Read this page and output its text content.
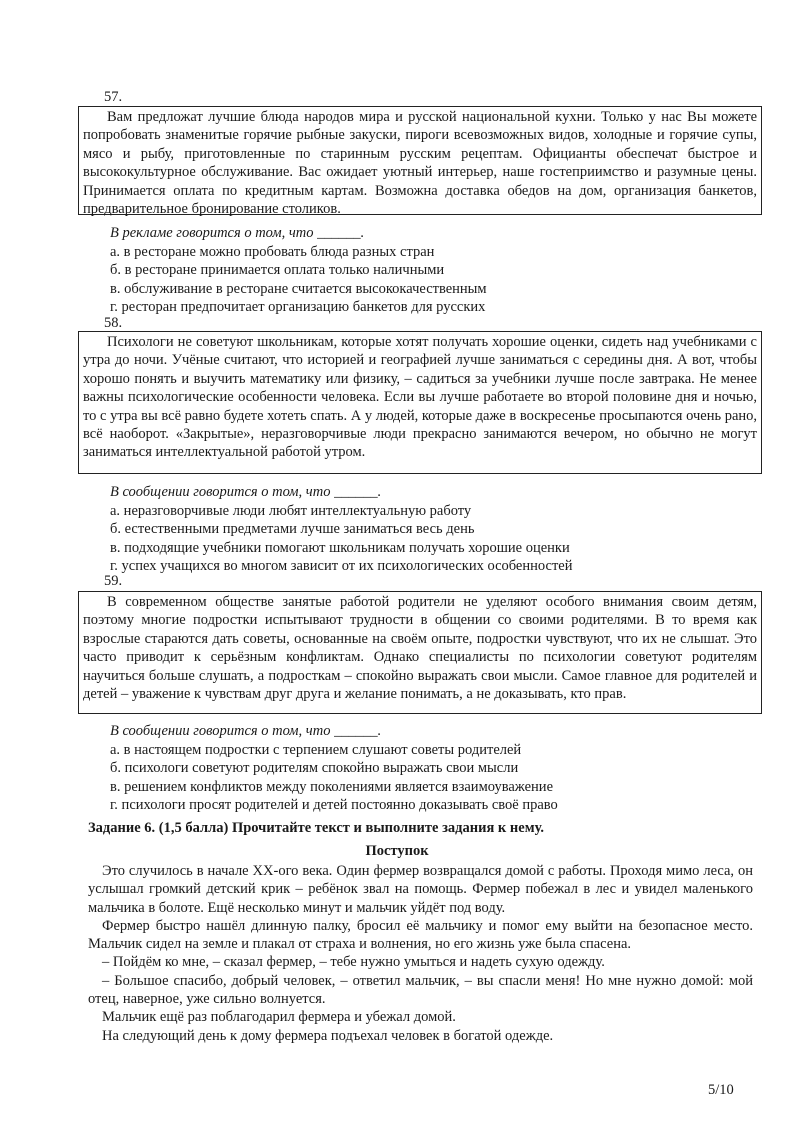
57.

Вам предложат лучшие блюда народов мира и русской национальной кухни. Только у нас Вы можете попробовать знаменитые горячие рыбные закуски, пироги всевозможных видов, холодные и горячие супы, мясо и рыбу, приготовленные по старинным русским рецептам. Официанты обеспечат быстрое и высококультурное обслуживание. Вас ожидает уютный интерьер, наше гостеприимство и разумные цены. Принимается оплата по кредитным картам. Возможна доставка обедов на дом, организация банкетов, предварительное бронирование столиков.

В рекламе говорится о том, что ______.
а. в ресторане можно пробовать блюда разных стран
б. в ресторане принимается оплата только наличными
в. обслуживание в ресторане считается высококачественным
г. ресторан предпочитает организацию банкетов для русских
58.

Психологи не советуют школьникам, которые хотят получать хорошие оценки, сидеть над учебниками с утра до ночи. Учёные считают, что историей и географией лучше заниматься с середины дня. А вот, чтобы хорошо понять и выучить математику или физику, – садиться за учебники лучше после завтрака. Не менее важны психологические особенности человека. Если вы лучше работаете во второй половине дня и ночью, то с утра вы всё равно будете хотеть спать. А у людей, которые даже в воскресенье просыпаются очень рано, всё наоборот. «Закрытые», неразговорчивые люди прекрасно занимаются вечером, но обычно не могут заниматься интеллектуальной работой утром.

В сообщении говорится о том, что ______.
а. неразговорчивые люди любят интеллектуальную работу
б. естественными предметами лучше заниматься весь день
в. подходящие учебники помогают школьникам получать хорошие оценки
г. успех учащихся во многом зависит от их психологических особенностей
59.

В современном обществе занятые работой родители не уделяют особого внимания своим детям, поэтому многие подростки испытывают трудности в общении со своими родителями. В то время как взрослые стараются дать советы, основанные на своём опыте, подростки чувствуют, что их не слышат. Это часто приводит к серьёзным конфликтам. Однако специалисты по психологии советуют родителям научиться больше слушать, а подросткам – спокойно выражать свои мысли. Самое главное для родителей и детей – уважение к чувствам друг друга и желание понимать, а не доказывать, кто прав.

В сообщении говорится о том, что ______.
а. в настоящем подростки с терпением слушают советы родителей
б. психологи советуют родителям спокойно выражать свои мысли
в. решением конфликтов между поколениями является взаимоуважение
г. психологи просят родителей и детей постоянно доказывать своё право
Задание 6. (1,5 балла) Прочитайте текст и выполните задания к нему.
Поступок

Это случилось в начале XX-ого века. Один фермер возвращался домой с работы. Проходя мимо леса, он услышал громкий детский крик – ребёнок звал на помощь. Фермер побежал в лес и увидел маленького мальчика в болоте. Ещё несколько минут и мальчик уйдёт под воду.

Фермер быстро нашёл длинную палку, бросил её мальчику и помог ему выйти на безопасное место. Мальчик сидел на земле и плакал от страха и волнения, но его жизнь уже была спасена.

– Пойдём ко мне, – сказал фермер, – тебе нужно умыться и надеть сухую одежду.

– Большое спасибо, добрый человек, – ответил мальчик, – вы спасли меня! Но мне нужно домой: мой отец, наверное, уже сильно волнуется.

Мальчик ещё раз поблагодарил фермера и убежал домой.

На следующий день к дому фермера подъехал человек в богатой одежде.

5/10
